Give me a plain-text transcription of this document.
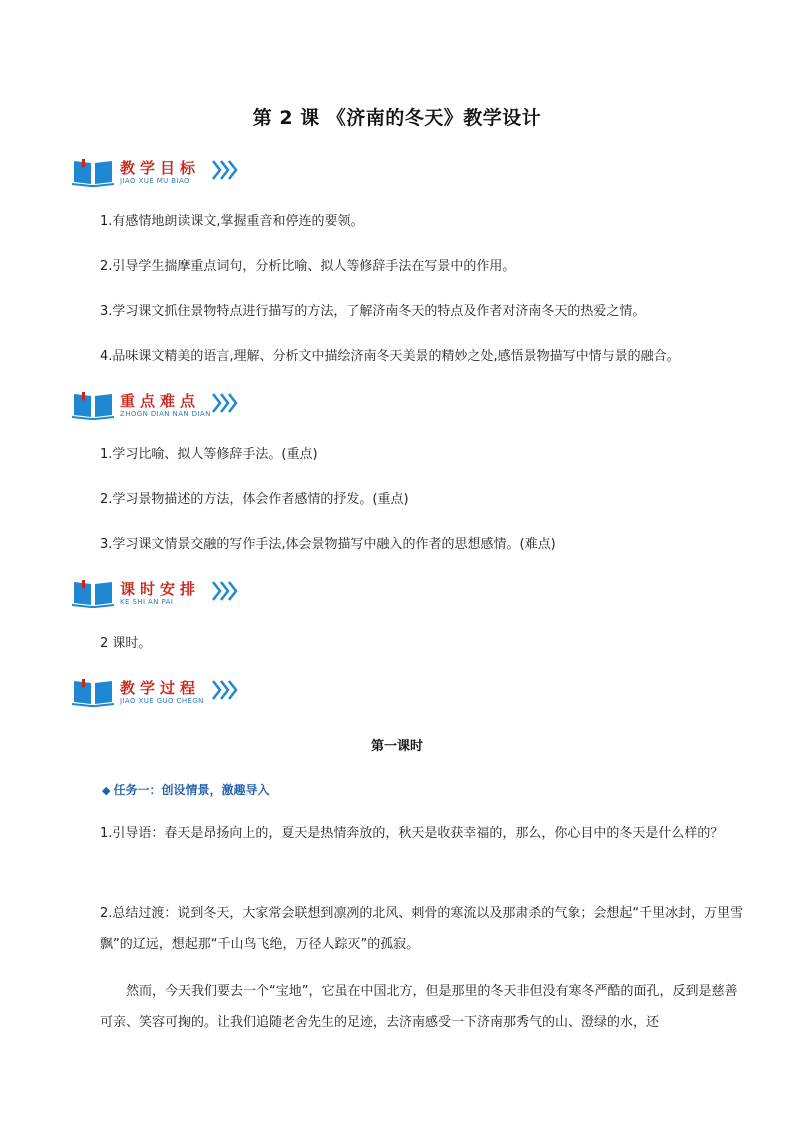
第 2 课 《济南的冬天》教学设计
教学目标
JIAO XUE MU BIAO

1.有感情地朗读课文,掌握重音和停连的要领。

2.引导学生揣摩重点词句，分析比喻、拟人等修辞手法在写景中的作用。

3.学习课文抓住景物特点进行描写的方法，了解济南冬天的特点及作者对济南冬天的热爱之情。

4.品味课文精美的语言,理解、分析文中描绘济南冬天美景的精妙之处,感悟景物描写中情与景的融合。

重点难点
ZHOGN DIAN NAN DIAN

1.学习比喻、拟人等修辞手法。(重点)

2.学习景物描述的方法，体会作者感情的抒发。(重点)

3.学习课文情景交融的写作手法,体会景物描写中融入的作者的思想感情。(难点)

课时安排
KE SHI AN PAI

2 课时。

教学过程
JIAO XUE GUO CHEGN
第一课时
◆ 任务一：创设情景，激趣导入

1.引导语：春天是昂扬向上的，夏天是热情奔放的，秋天是收获幸福的，那么，你心目中的冬天是什么样的？

2.总结过渡：说到冬天，大家常会联想到凛冽的北风、刺骨的寒流以及那肃杀的气象；会想起“千里冰封，万里雪飘”的辽远，想起那“千山鸟飞绝，万径人踪灭”的孤寂。

然而，今天我们要去一个“宝地”，它虽在中国北方，但是那里的冬天非但没有寒冬严酷的面孔，反到是慈善可亲、笑容可掬的。让我们追随老舍先生的足迹，去济南感受一下济南那秀气的山、澄绿的水，还
